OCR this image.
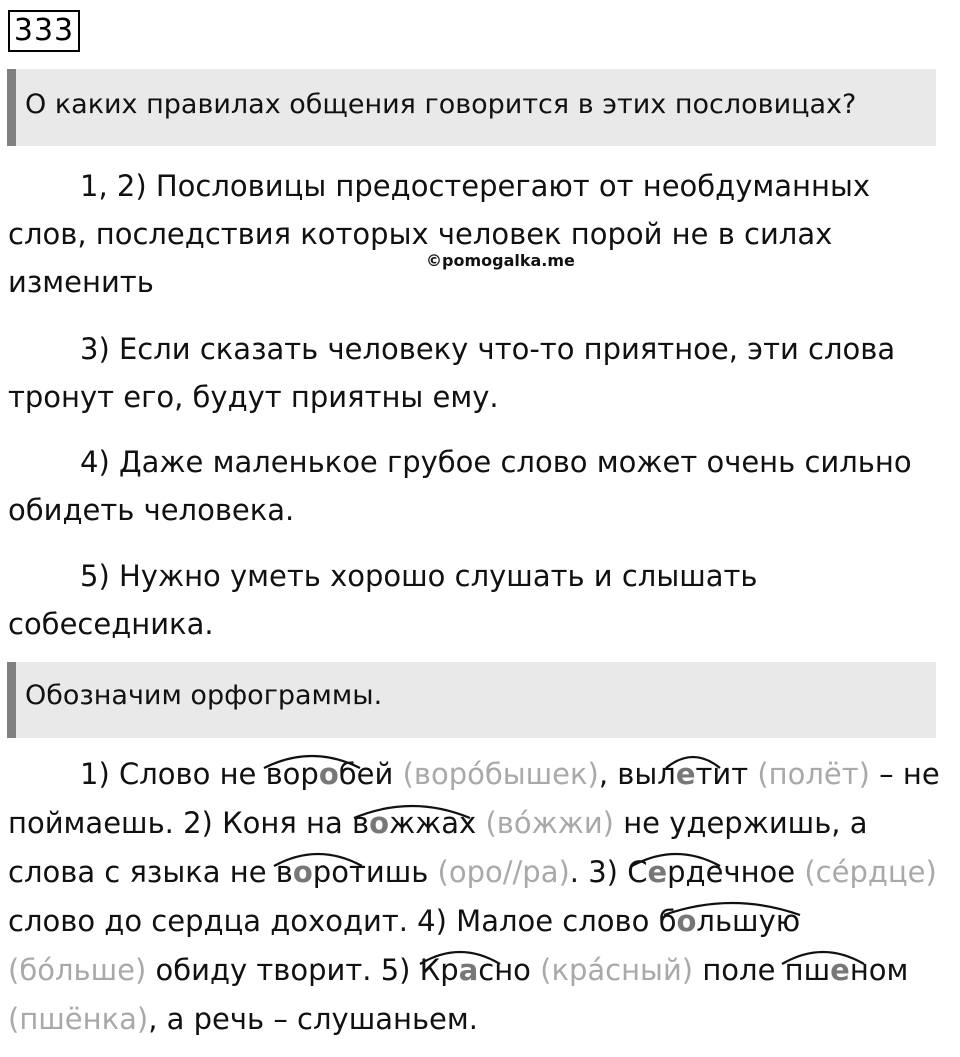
333
О каких правилах общения говорится в этих пословицах?

1, 2) Пословицы предостерегают от необдуманных слов, последствия которых человек порой не в силах изменить

©pomogalka.me

3) Если сказать человеку что-то приятное, эти слова тронут его, будут приятны ему.

4) Даже маленькое грубое слово может очень сильно обидеть человека.

5) Нужно уметь хорошо слушать и слышать собеседника.

Обозначим орфограммы.
1) Слово не воробей (воро́бышек), вылетит (полёт) – не
поймаешь. 2) Коня на вожжах (во́жжи) не удержишь, а
слова с языка не воротишь (оро//ра). 3) Сердечное (се́рдце)
слово до сердца доходит. 4) Малое слово большую
(бо́льше) обиду творит. 5) Красно (кра́сный) поле пшеном
(пшёнка), а речь – слушаньем.
